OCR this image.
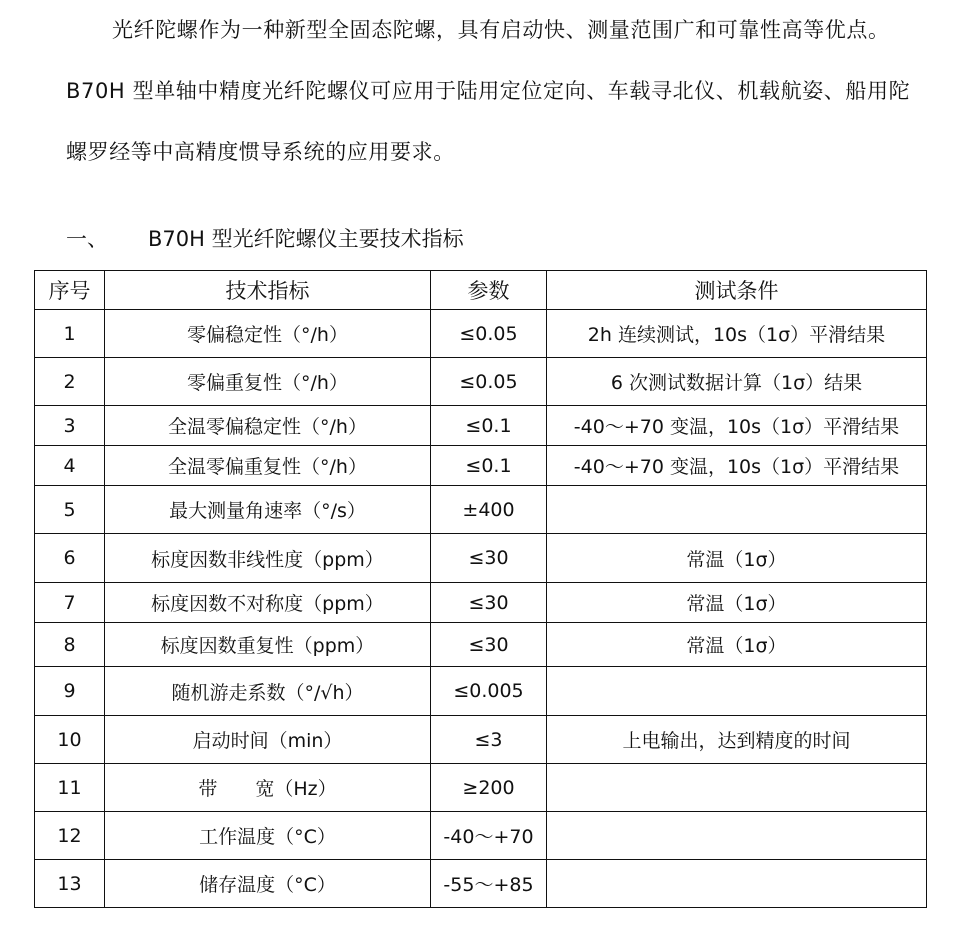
光纤陀螺作为一种新型全固态陀螺，具有启动快、测量范围广和可靠性高等优点。B70H 型单轴中精度光纤陀螺仪可应用于陆用定位定向、车载寻北仪、机载航姿、船用陀螺罗经等中高精度惯导系统的应用要求。

一、 B70H 型光纤陀螺仪主要技术指标
序号	技术指标	参数	测试条件
1	零偏稳定性（°/h）	≤0.05	2h 连续测试，10s（1σ）平滑结果
2	零偏重复性（°/h）	≤0.05	6 次测试数据计算（1σ）结果
3	全温零偏稳定性（°/h）	≤0.1	-40～+70 变温，10s（1σ）平滑结果
4	全温零偏重复性（°/h）	≤0.1	-40～+70 变温，10s（1σ）平滑结果
5	最大测量角速率（°/s）	±400	
6	标度因数非线性度（ppm）	≤30	常温（1σ）
7	标度因数不对称度（ppm）	≤30	常温（1σ）
8	标度因数重复性（ppm）	≤30	常温（1σ）
9	随机游走系数（°/√h）	≤0.005	
10	启动时间（min）	≤3	上电输出，达到精度的时间
11	带　　宽（Hz）	≥200	
12	工作温度（°C）	-40～+70	
13	储存温度（°C）	-55～+85	
